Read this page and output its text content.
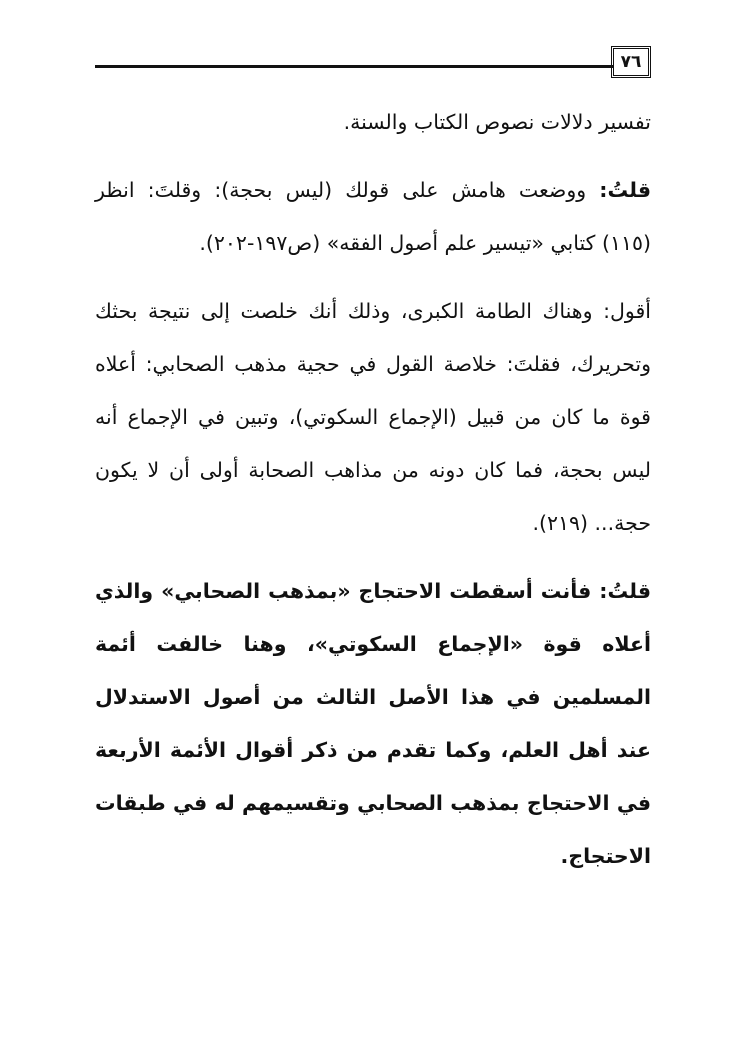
٧٦

تفسير دلالات نصوص الكتاب والسنة.

قلتُ: ووضعت هامش على قولك (ليس بحجة): وقلتَ: انظر (١١٥) كتابي «تيسير علم أصول الفقه» (ص١٩٧-٢٠٢).

أقول: وهناك الطامة الكبرى، وذلك أنك خلصت إلى نتيجة بحثك وتحريرك، فقلتَ: خلاصة القول في حجية مذهب الصحابي: أعلاه قوة ما كان من قبيل (الإجماع السكوتي)، وتبين في الإجماع أنه ليس بحجة، فما كان دونه من مذاهب الصحابة أولى أن لا يكون حجة... (٢١٩).

قلتُ: فأنت أسقطت الاحتجاج «بمذهب الصحابي» والذي أعلاه قوة «الإجماع السكوتي»، وهنا خالفت أئمة المسلمين في هذا الأصل الثالث من أصول الاستدلال عند أهل العلم، وكما تقدم من ذكر أقوال الأئمة الأربعة في الاحتجاج بمذهب الصحابي وتقسيمهم له في طبقات الاحتجاج.
